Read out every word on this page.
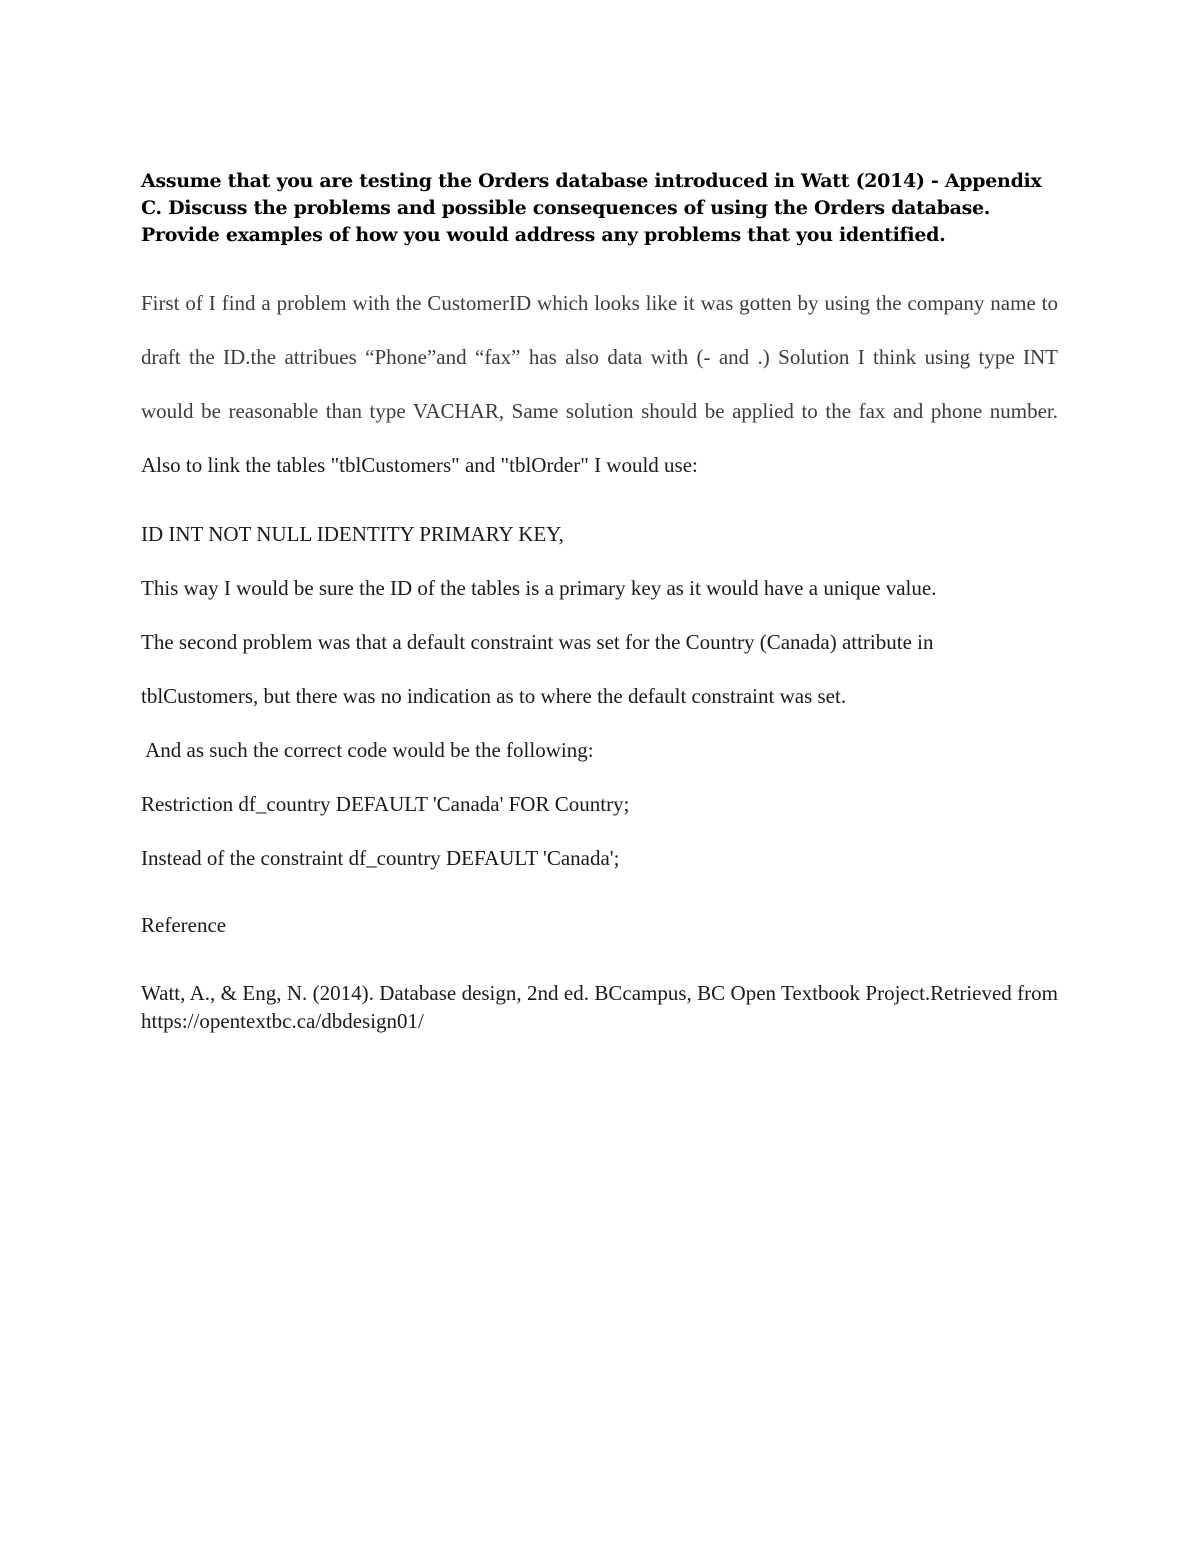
Assume that you are testing the Orders database introduced in Watt (2014) - Appendix C. Discuss the problems and possible consequences of using the Orders database. Provide examples of how you would address any problems that you identified.

First of I find a problem with the CustomerID which looks like it was gotten by using the company name to draft the ID.the attribues “Phone”and “fax” has also data with (- and .) Solution I think using type INT would be reasonable than type VACHAR, Same solution should be applied to the fax and phone number. Also to link the tables "tblCustomers" and "tblOrder" I would use:

ID INT NOT NULL IDENTITY PRIMARY KEY,

This way I would be sure the ID of the tables is a primary key as it would have a unique value.

The second problem was that a default constraint was set for the Country (Canada) attribute in

tblCustomers, but there was no indication as to where the default constraint was set.

And as such the correct code would be the following:

Restriction df_country DEFAULT 'Canada' FOR Country;

Instead of the constraint df_country DEFAULT 'Canada';

Reference

Watt, A., & Eng, N. (2014). Database design, 2nd ed. BCcampus, BC Open Textbook Project.Retrieved from https://opentextbc.ca/dbdesign01/
